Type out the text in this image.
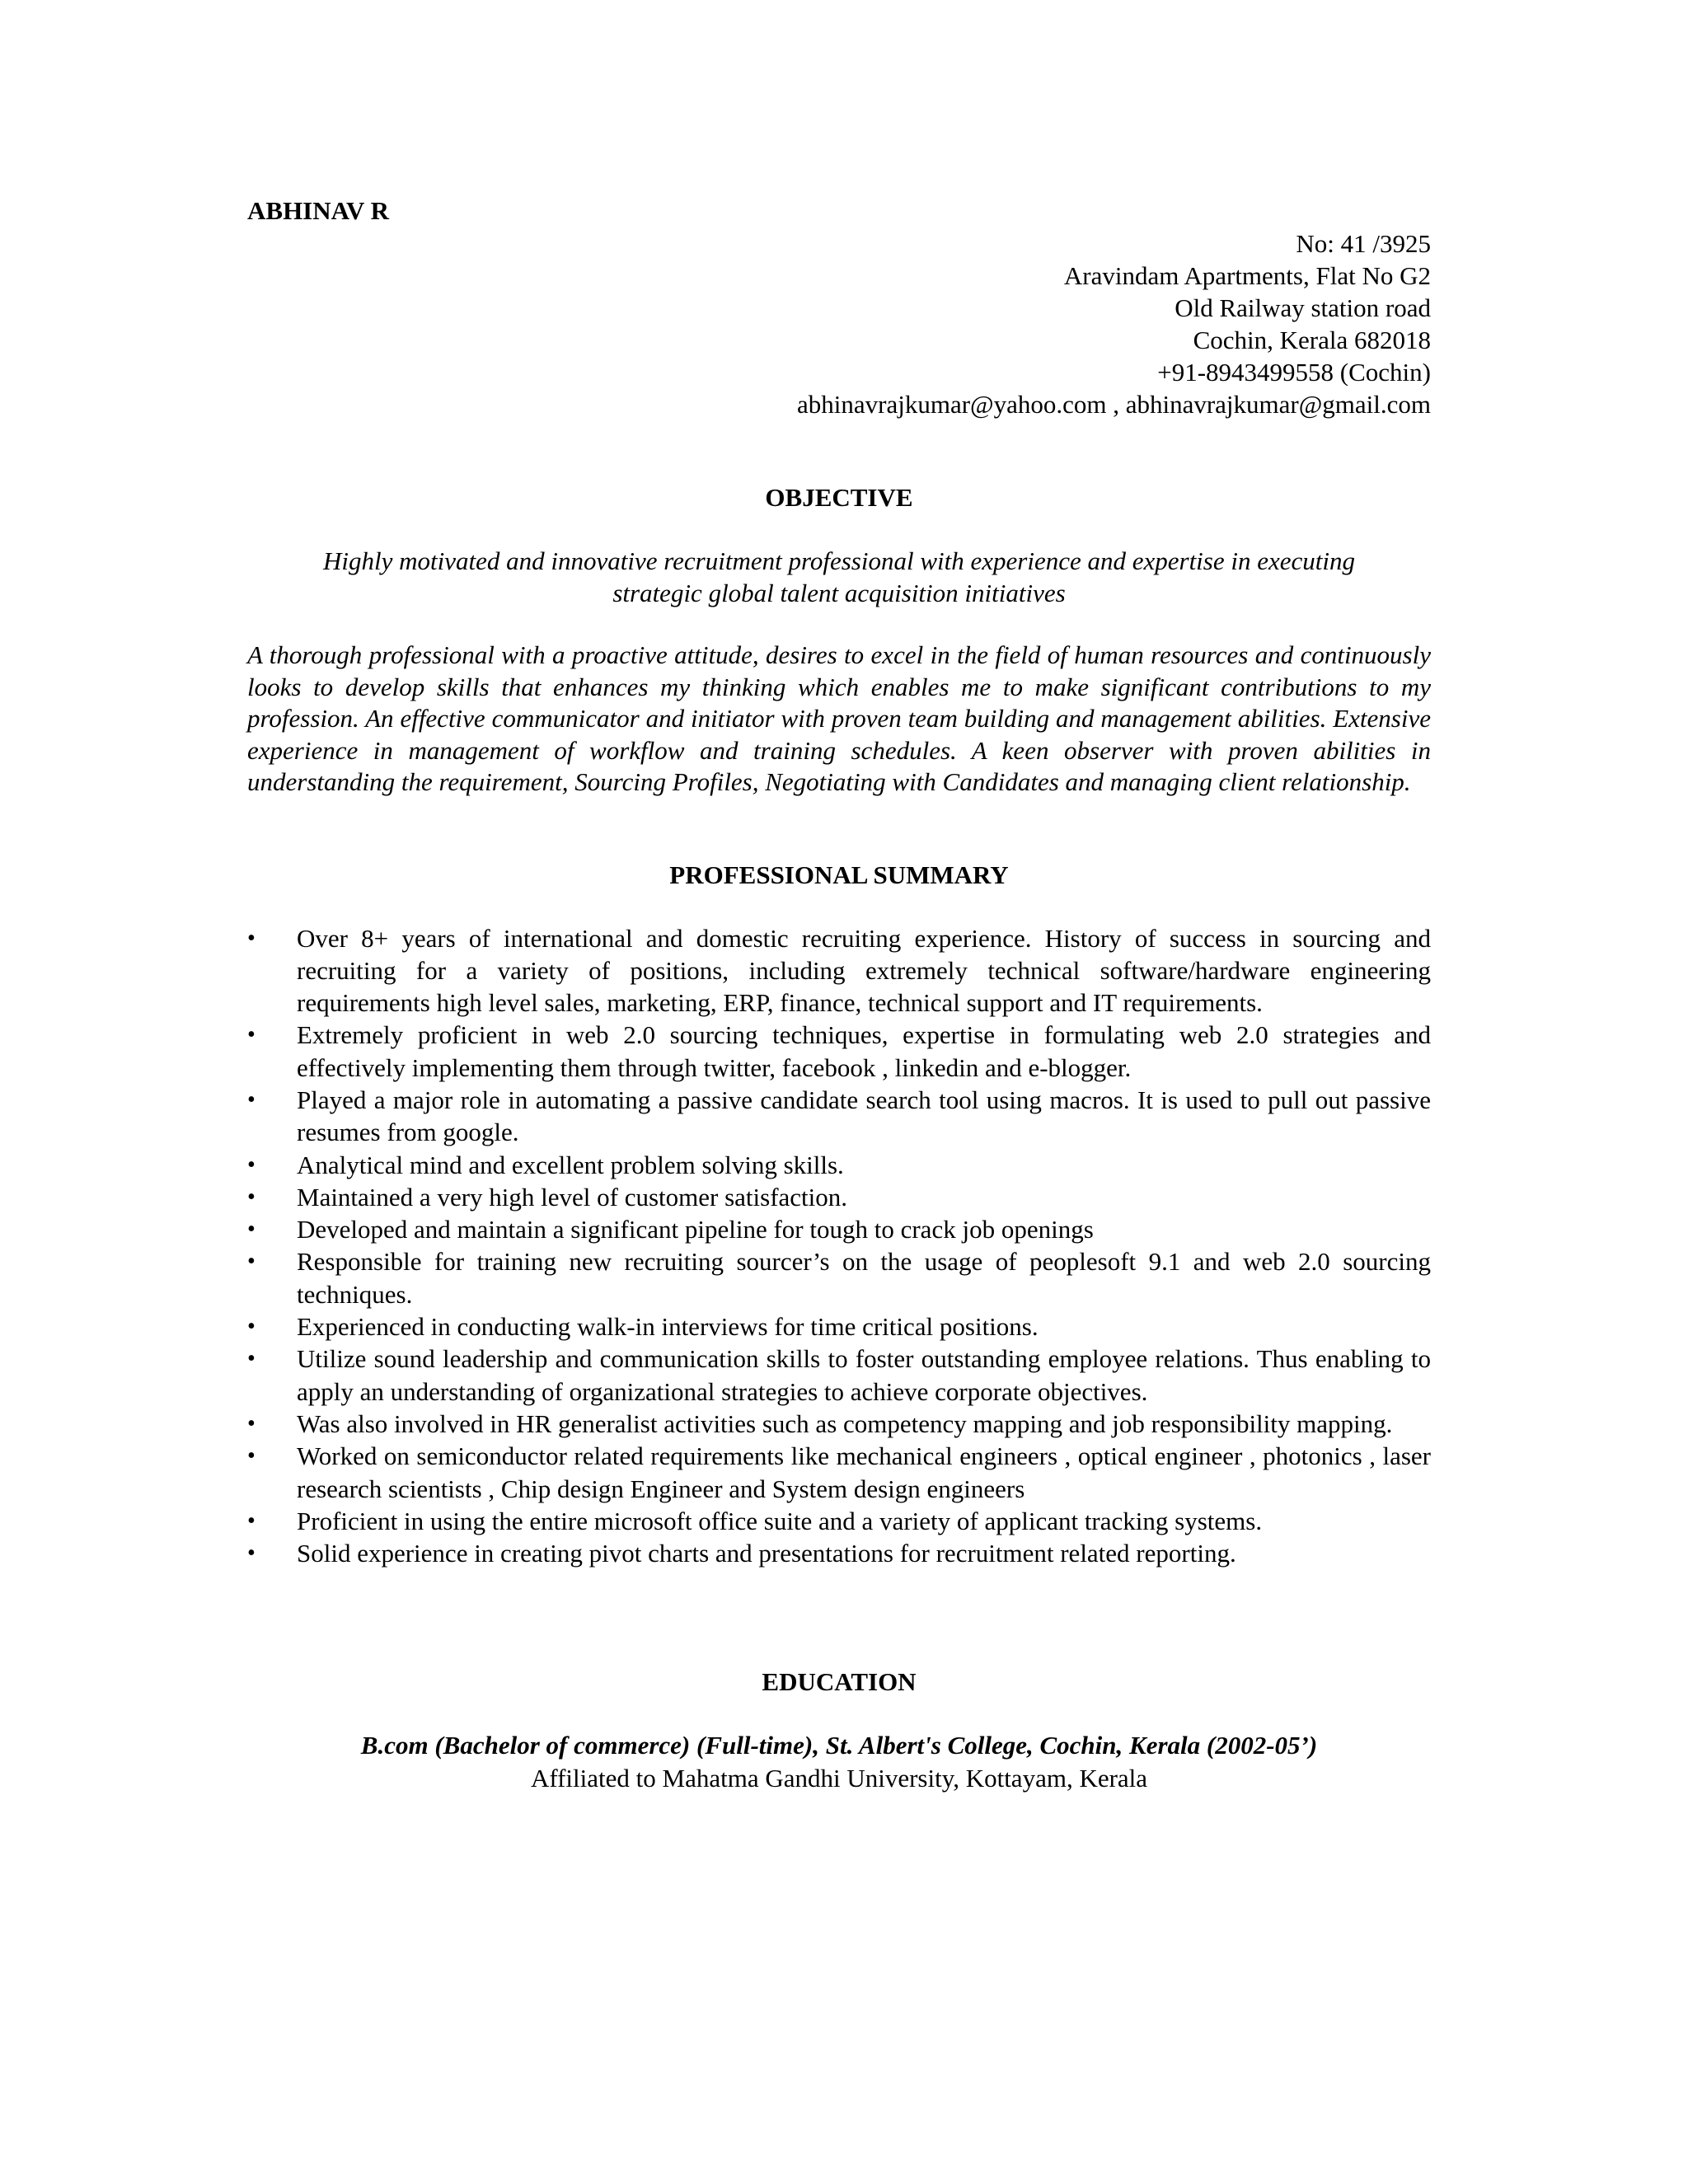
ABHINAV R

No: 41 /3925
Aravindam Apartments, Flat No G2
Old Railway station road
Cochin, Kerala 682018
+91-8943499558 (Cochin)
abhinavrajkumar@yahoo.com , abhinavrajkumar@gmail.com
OBJECTIVE
Highly motivated and innovative recruitment professional with experience and expertise in executing strategic global talent acquisition initiatives
A thorough professional with a proactive attitude, desires to excel in the field of human resources and continuously looks to develop skills that enhances my thinking which enables me to make significant contributions to my profession. An effective communicator and initiator with proven team building and management abilities. Extensive experience in management of workflow and training schedules. A keen observer with proven abilities in understanding the requirement, Sourcing Profiles, Negotiating with Candidates and managing client relationship.
PROFESSIONAL SUMMARY
•	Over 8+ years of international and domestic recruiting experience. History of success in sourcing and recruiting for a variety of positions, including extremely technical software/hardware engineering requirements high level sales, marketing, ERP, finance, technical support and IT requirements.
•	Extremely proficient in web 2.0 sourcing techniques, expertise in formulating web 2.0 strategies and effectively implementing them through twitter, facebook , linkedin and e-blogger.
•	Played a major role in automating a passive candidate search tool using macros. It is used to pull out passive resumes from google.
•	Analytical mind and excellent problem solving skills.
•	Maintained a very high level of customer satisfaction.
•	Developed and maintain a significant pipeline for tough to crack job openings
•	Responsible for training new recruiting sourcer’s on the usage of peoplesoft 9.1 and web 2.0 sourcing techniques.
•	Experienced in conducting walk-in interviews for time critical positions.
•	Utilize sound leadership and communication skills to foster outstanding employee relations. Thus enabling to apply an understanding of organizational strategies to achieve corporate objectives.
•	Was also involved in HR generalist activities such as competency mapping and job responsibility mapping.
•	Worked on semiconductor related requirements like mechanical engineers , optical engineer , photonics , laser research scientists , Chip design Engineer and System design engineers
•	Proficient in using the entire microsoft office suite and a variety of applicant tracking systems.
•	Solid experience in creating pivot charts and presentations for recruitment related reporting.
EDUCATION
B.com (Bachelor of commerce) (Full-time), St. Albert's College, Cochin, Kerala (2002-05’)
Affiliated to Mahatma Gandhi University, Kottayam, Kerala
